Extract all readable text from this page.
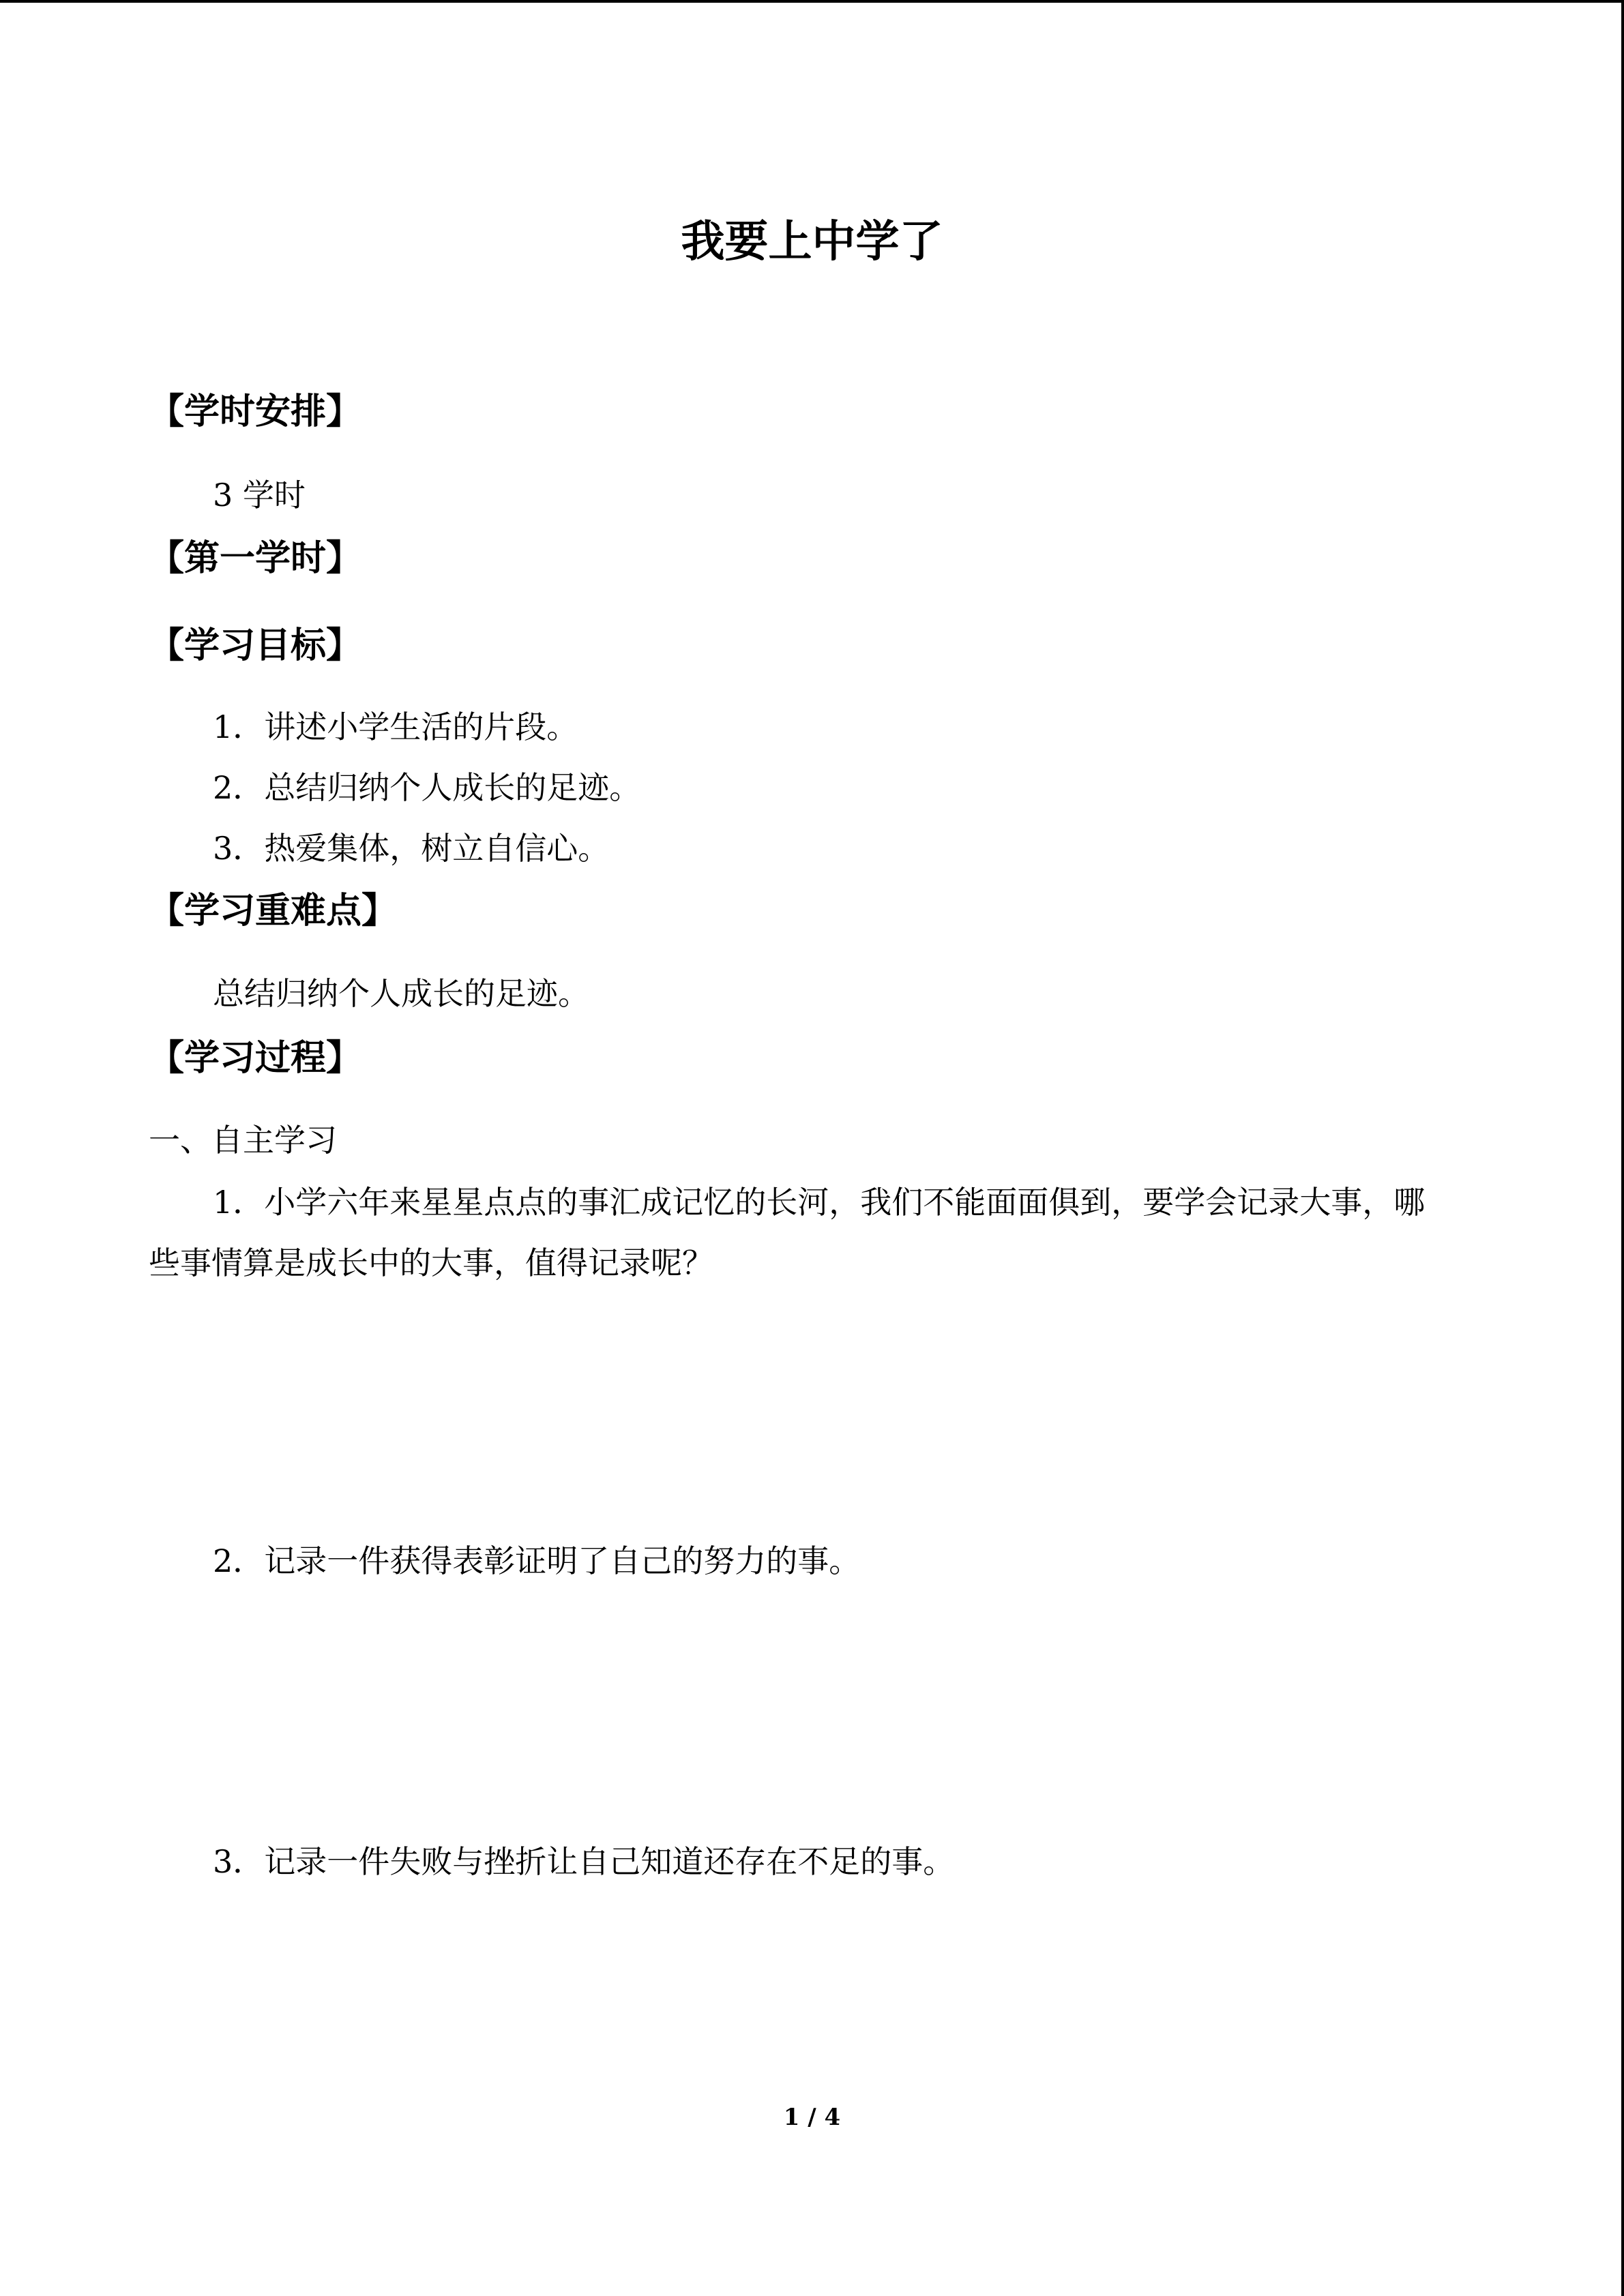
我要上中学了
【学时安排】
3 学时
【第一学时】
【学习目标】
1．讲述小学生活的片段。
2．总结归纳个人成长的足迹。
3．热爱集体，树立自信心。
【学习重难点】
总结归纳个人成长的足迹。
【学习过程】
一、自主学习
1．小学六年来星星点点的事汇成记忆的长河，我们不能面面俱到，要学会记录大事，哪
些事情算是成长中的大事，值得记录呢？
2．记录一件获得表彰证明了自己的努力的事。
3．记录一件失败与挫折让自己知道还存在不足的事。
1 / 4
